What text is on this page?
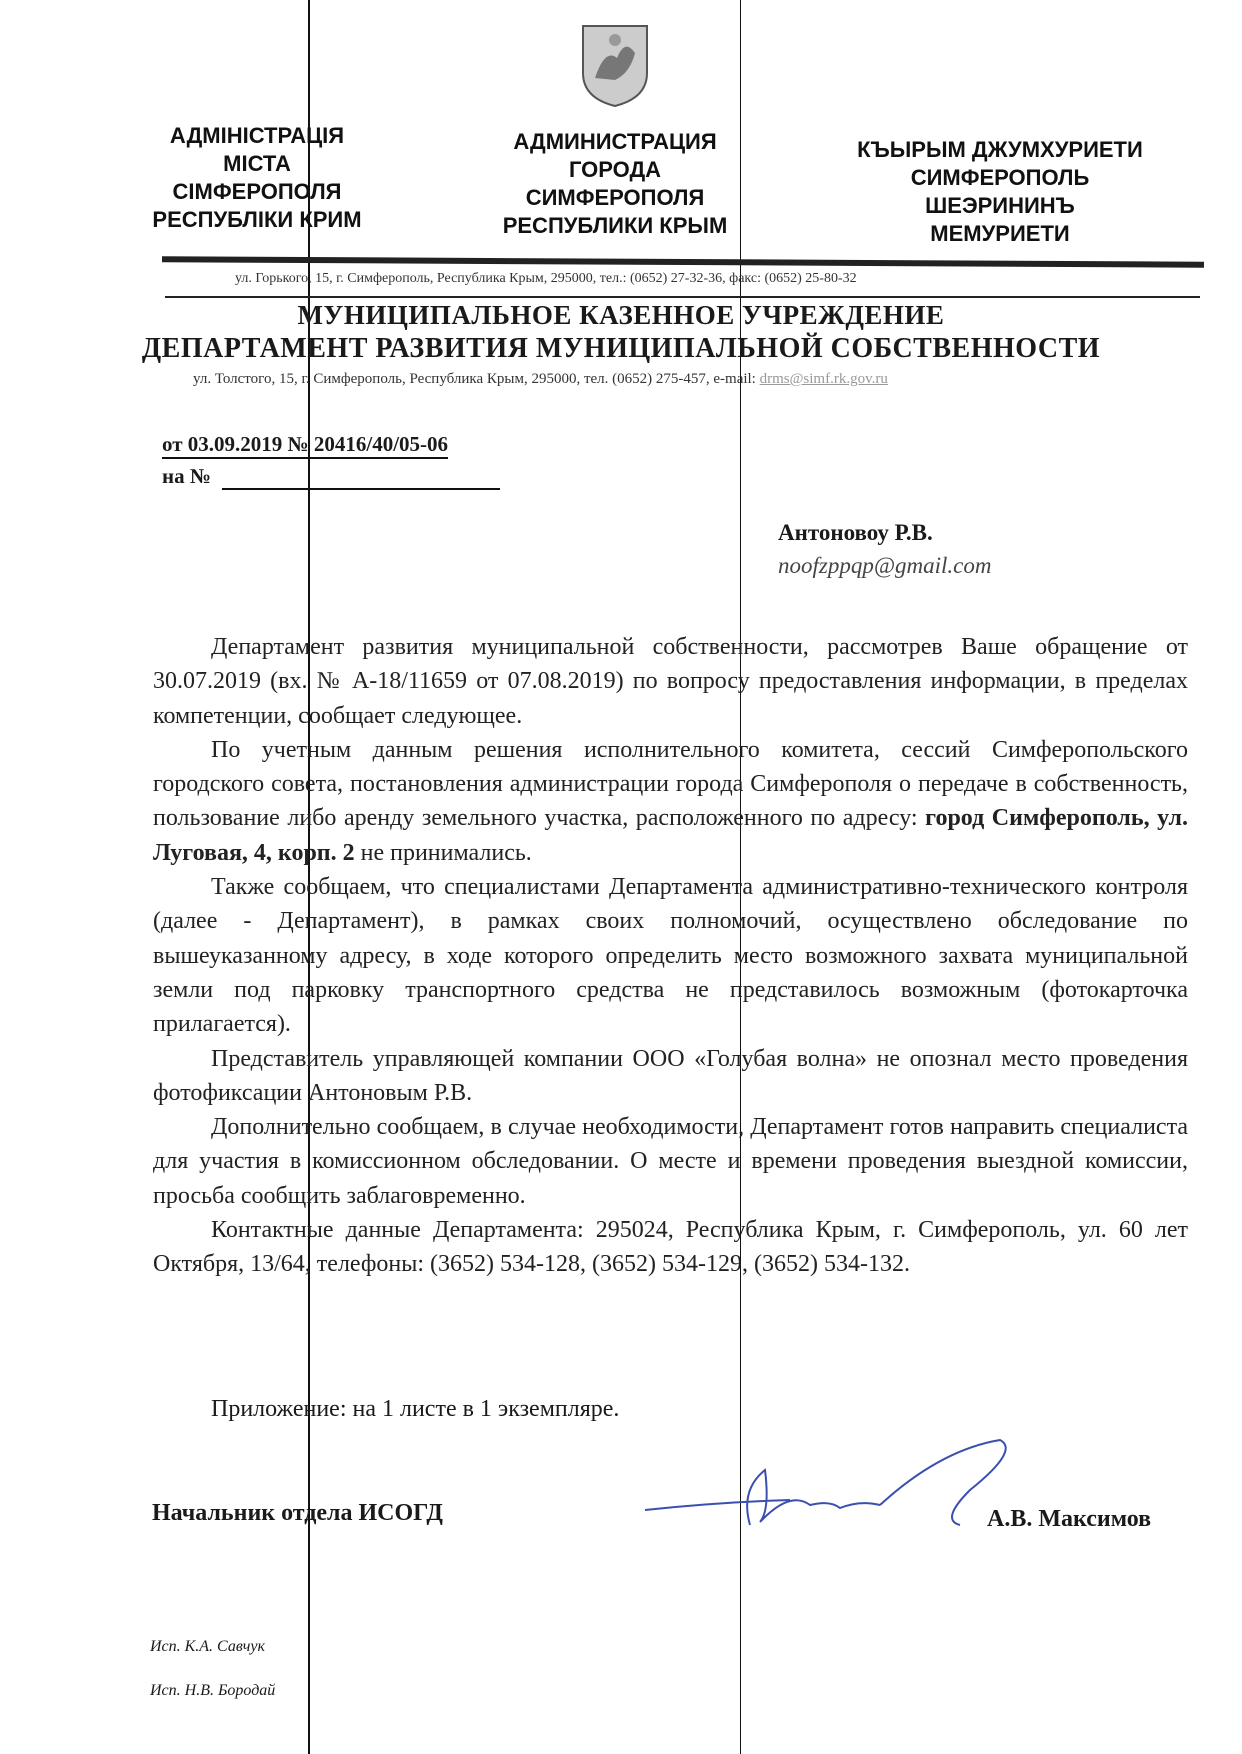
АДМІНІСТРАЦІЯ
МІСТА
СІМФЕРОПОЛЯ
РЕСПУБЛІКИ КРИМ
АДМИНИСТРАЦИЯ
ГОРОДА
СИМФЕРОПОЛЯ
РЕСПУБЛИКИ КРЫМ
КЪЫРЫМ ДЖУМХУРИЕТИ
СИМФЕРОПОЛЬ
ШЕЭРИНИНЪ
МЕМУРИЕТИ
ул. Горького, 15, г. Симферополь, Республика Крым, 295000, тел.: (0652) 27-32-36, факс: (0652) 25-80-32
МУНИЦИПАЛЬНОЕ КАЗЕННОЕ УЧРЕЖДЕНИЕ
ДЕПАРТАМЕНТ РАЗВИТИЯ МУНИЦИПАЛЬНОЙ СОБСТВЕННОСТИ
ул. Толстого, 15, г. Симферополь, Республика Крым, 295000, тел. (0652) 275-457, e-mail: drms@simf.rk.gov.ru
от 03.09.2019 № 20416/40/05-06
на №
Антоновоу Р.В.
noofzppqp@gmail.com

Департамент развития муниципальной собственности, рассмотрев Ваше обращение от 30.07.2019 (вх. № А-18/11659 от 07.08.2019) по вопросу предоставления информации, в пределах компетенции, сообщает следующее.

По учетным данным решения исполнительного комитета, сессий Симферопольского городского совета, постановления администрации города Симферополя о передаче в собственность, пользование либо аренду земельного участка, расположенного по адресу: город Симферополь, ул. Луговая, 4, корп. 2 не принимались.

Также сообщаем, что специалистами Департамента административно-технического контроля (далее - Департамент), в рамках своих полномочий, осуществлено обследование по вышеуказанному адресу, в ходе которого определить место возможного захвата муниципальной земли под парковку транспортного средства не представилось возможным (фотокарточка прилагается).

Представитель управляющей компании ООО «Голубая волна» не опознал место проведения фотофиксации Антоновым Р.В.

Дополнительно сообщаем, в случае необходимости, Департамент готов направить специалиста для участия в комиссионном обследовании. О месте и времени проведения выездной комиссии, просьба сообщить заблаговременно.

Контактные данные Департамента: 295024, Республика Крым, г. Симферополь, ул. 60 лет Октября, 13/64, телефоны: (3652) 534-128, (3652) 534-129, (3652) 534-132.

Приложение: на 1 листе в 1 экземпляре.
Начальник отдела ИСОГД	А.В. Максимов
Исп. К.А. Савчук
Исп. Н.В. Бородай
